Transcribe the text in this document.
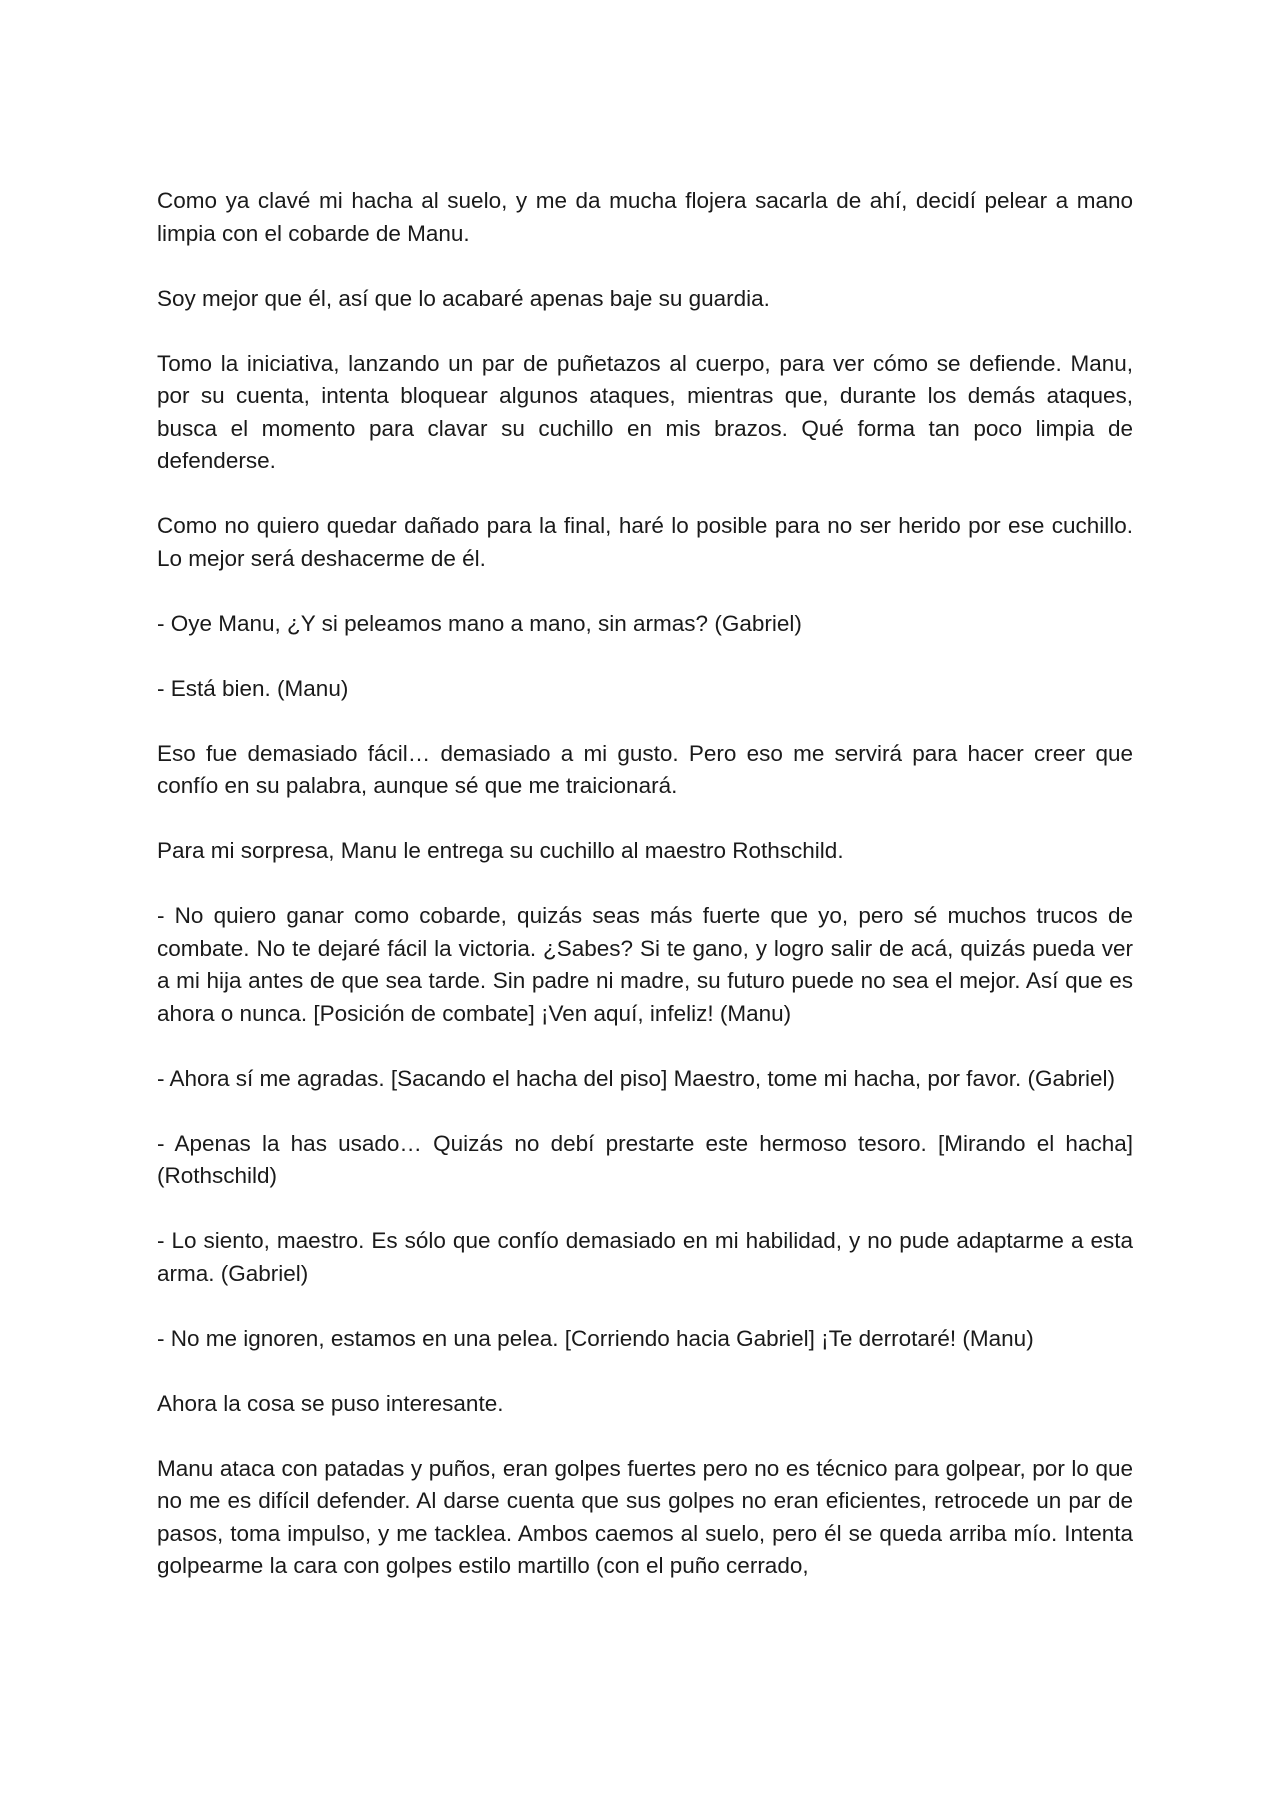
Como ya clavé mi hacha al suelo, y me da mucha flojera sacarla de ahí, decidí pelear a mano limpia con el cobarde de Manu.

Soy mejor que él, así que lo acabaré apenas baje su guardia.

Tomo la iniciativa, lanzando un par de puñetazos al cuerpo, para ver cómo se defiende. Manu, por su cuenta, intenta bloquear algunos ataques, mientras que, durante los demás ataques, busca el momento para clavar su cuchillo en mis brazos. Qué forma tan poco limpia de defenderse.

Como no quiero quedar dañado para la final, haré lo posible para no ser herido por ese cuchillo. Lo mejor será deshacerme de él.

- Oye Manu, ¿Y si peleamos mano a mano, sin armas? (Gabriel)

- Está bien. (Manu)

Eso fue demasiado fácil… demasiado a mi gusto. Pero eso me servirá para hacer creer que confío en su palabra, aunque sé que me traicionará.

Para mi sorpresa, Manu le entrega su cuchillo al maestro Rothschild.

- No quiero ganar como cobarde, quizás seas más fuerte que yo, pero sé muchos trucos de combate. No te dejaré fácil la victoria. ¿Sabes? Si te gano, y logro salir de acá, quizás pueda ver a mi hija antes de que sea tarde. Sin padre ni madre, su futuro puede no sea el mejor. Así que es ahora o nunca. [Posición de combate] ¡Ven aquí, infeliz! (Manu)

- Ahora sí me agradas. [Sacando el hacha del piso] Maestro, tome mi hacha, por favor. (Gabriel)

- Apenas la has usado… Quizás no debí prestarte este hermoso tesoro. [Mirando el hacha] (Rothschild)

- Lo siento, maestro. Es sólo que confío demasiado en mi habilidad, y no pude adaptarme a esta arma. (Gabriel)

- No me ignoren, estamos en una pelea. [Corriendo hacia Gabriel] ¡Te derrotaré! (Manu)

Ahora la cosa se puso interesante.

Manu ataca con patadas y puños, eran golpes fuertes pero no es técnico para golpear, por lo que no me es difícil defender. Al darse cuenta que sus golpes no eran eficientes, retrocede un par de pasos, toma impulso, y me tacklea. Ambos caemos al suelo, pero él se queda arriba mío. Intenta golpearme la cara con golpes estilo martillo (con el puño cerrado,
